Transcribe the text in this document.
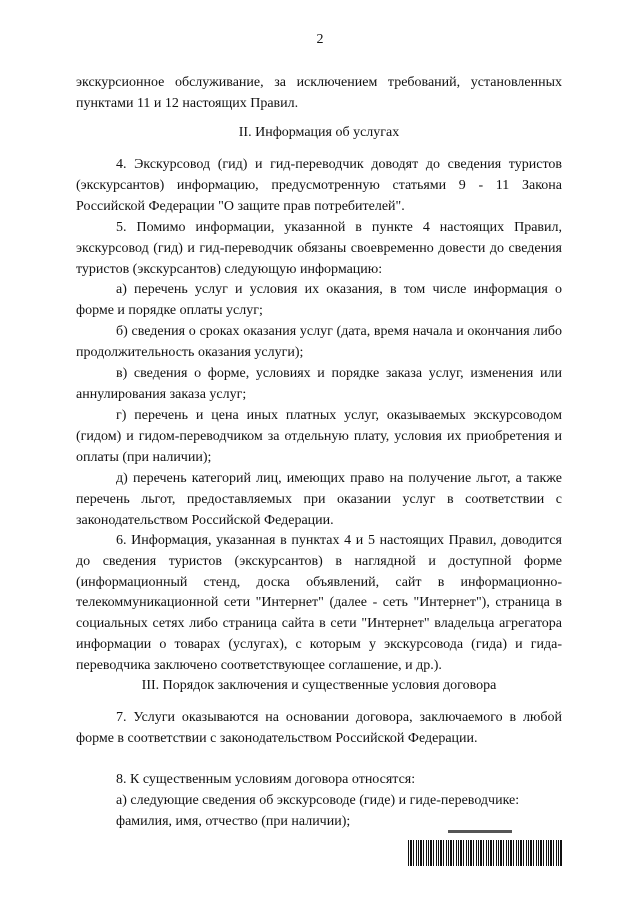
2

экскурсионное обслуживание, за исключением требований, установленных пунктами 11 и 12 настоящих Правил.

II. Информация об услугах

4. Экскурсовод (гид) и гид-переводчик доводят до сведения туристов (экскурсантов) информацию, предусмотренную статьями 9 - 11 Закона Российской Федерации "О защите прав потребителей".

5. Помимо информации, указанной в пункте 4 настоящих Правил, экскурсовод (гид) и гид-переводчик обязаны своевременно довести до сведения туристов (экскурсантов) следующую информацию:

а) перечень услуг и условия их оказания, в том числе информация о форме и порядке оплаты услуг;

б) сведения о сроках оказания услуг (дата, время начала и окончания либо продолжительность оказания услуги);

в) сведения о форме, условиях и порядке заказа услуг, изменения или аннулирования заказа услуг;

г) перечень и цена иных платных услуг, оказываемых экскурсоводом (гидом) и гидом-переводчиком за отдельную плату, условия их приобретения и оплаты (при наличии);

д) перечень категорий лиц, имеющих право на получение льгот, а также перечень льгот, предоставляемых при оказании услуг в соответствии с законодательством Российской Федерации.

6. Информация, указанная в пунктах 4 и 5 настоящих Правил, доводится до сведения туристов (экскурсантов) в наглядной и доступной форме (информационный стенд, доска объявлений, сайт в информационно-телекоммуникационной сети "Интернет" (далее - сеть "Интернет"), страница в социальных сетях либо страница сайта в сети "Интернет" владельца агрегатора информации о товарах (услугах), с которым у экскурсовода (гида) и гида-переводчика заключено соответствующее соглашение, и др.).

III. Порядок заключения и существенные условия договора

7. Услуги оказываются на основании договора, заключаемого в любой форме в соответствии с законодательством Российской Федерации.

8. К существенным условиям договора относятся:

а) следующие сведения об экскурсоводе (гиде) и гиде-переводчике:

фамилия, имя, отчество (при наличии);
